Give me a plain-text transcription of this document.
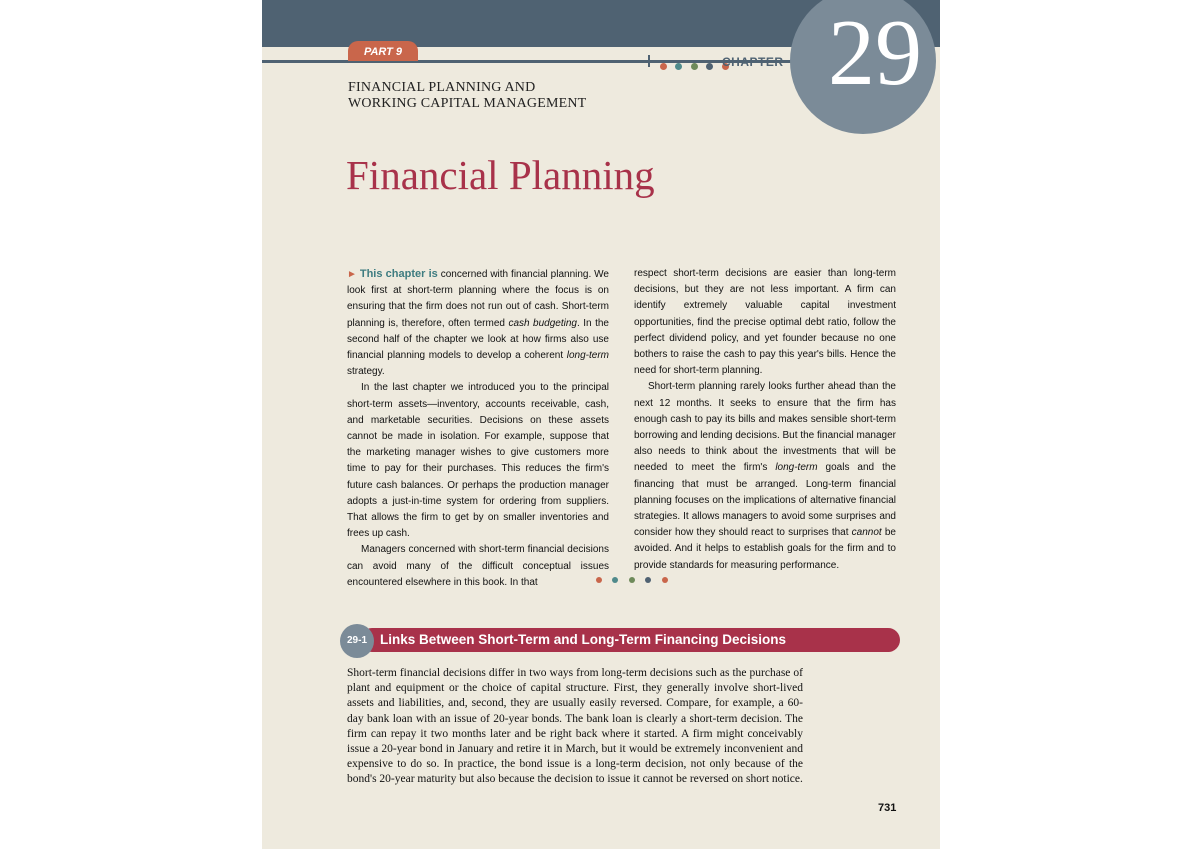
PART 9

CHAPTER 29
FINANCIAL PLANNING AND
WORKING CAPITAL MANAGEMENT
Financial Planning

► This chapter is concerned with financial planning. We look first at short-term planning where the focus is on ensuring that the firm does not run out of cash. Short-term planning is, therefore, often termed cash budgeting. In the second half of the chapter we look at how firms also use financial planning models to develop a coherent long-term strategy.

In the last chapter we introduced you to the principal short-term assets—inventory, accounts receivable, cash, and marketable securities. Decisions on these assets cannot be made in isolation. For example, suppose that the marketing manager wishes to give customers more time to pay for their purchases. This reduces the firm's future cash balances. Or perhaps the production manager adopts a just-in-time system for ordering from suppliers. That allows the firm to get by on smaller inventories and frees up cash.

Managers concerned with short-term financial decisions can avoid many of the difficult conceptual issues encountered elsewhere in this book. In that

respect short-term decisions are easier than long-term decisions, but they are not less important. A firm can identify extremely valuable capital investment opportunities, find the precise optimal debt ratio, follow the perfect dividend policy, and yet founder because no one bothers to raise the cash to pay this year's bills. Hence the need for short-term planning.

Short-term planning rarely looks further ahead than the next 12 months. It seeks to ensure that the firm has enough cash to pay its bills and makes sensible short-term borrowing and lending decisions. But the financial manager also needs to think about the investments that will be needed to meet the firm's long-term goals and the financing that must be arranged. Long-term financial planning focuses on the implications of alternative financial strategies. It allows managers to avoid some surprises and consider how they should react to surprises that cannot be avoided. And it helps to establish goals for the firm and to provide standards for measuring performance.

29-1 Links Between Short-Term and Long-Term Financing Decisions

Short-term financial decisions differ in two ways from long-term decisions such as the purchase of plant and equipment or the choice of capital structure. First, they generally involve short-lived assets and liabilities, and, second, they are usually easily reversed. Compare, for example, a 60-day bank loan with an issue of 20-year bonds. The bank loan is clearly a short-term decision. The firm can repay it two months later and be right back where it started. A firm might conceivably issue a 20-year bond in January and retire it in March, but it would be extremely inconvenient and expensive to do so. In practice, the bond issue is a long-term decision, not only because of the bond's 20-year maturity but also because the decision to issue it cannot be reversed on short notice.

731
